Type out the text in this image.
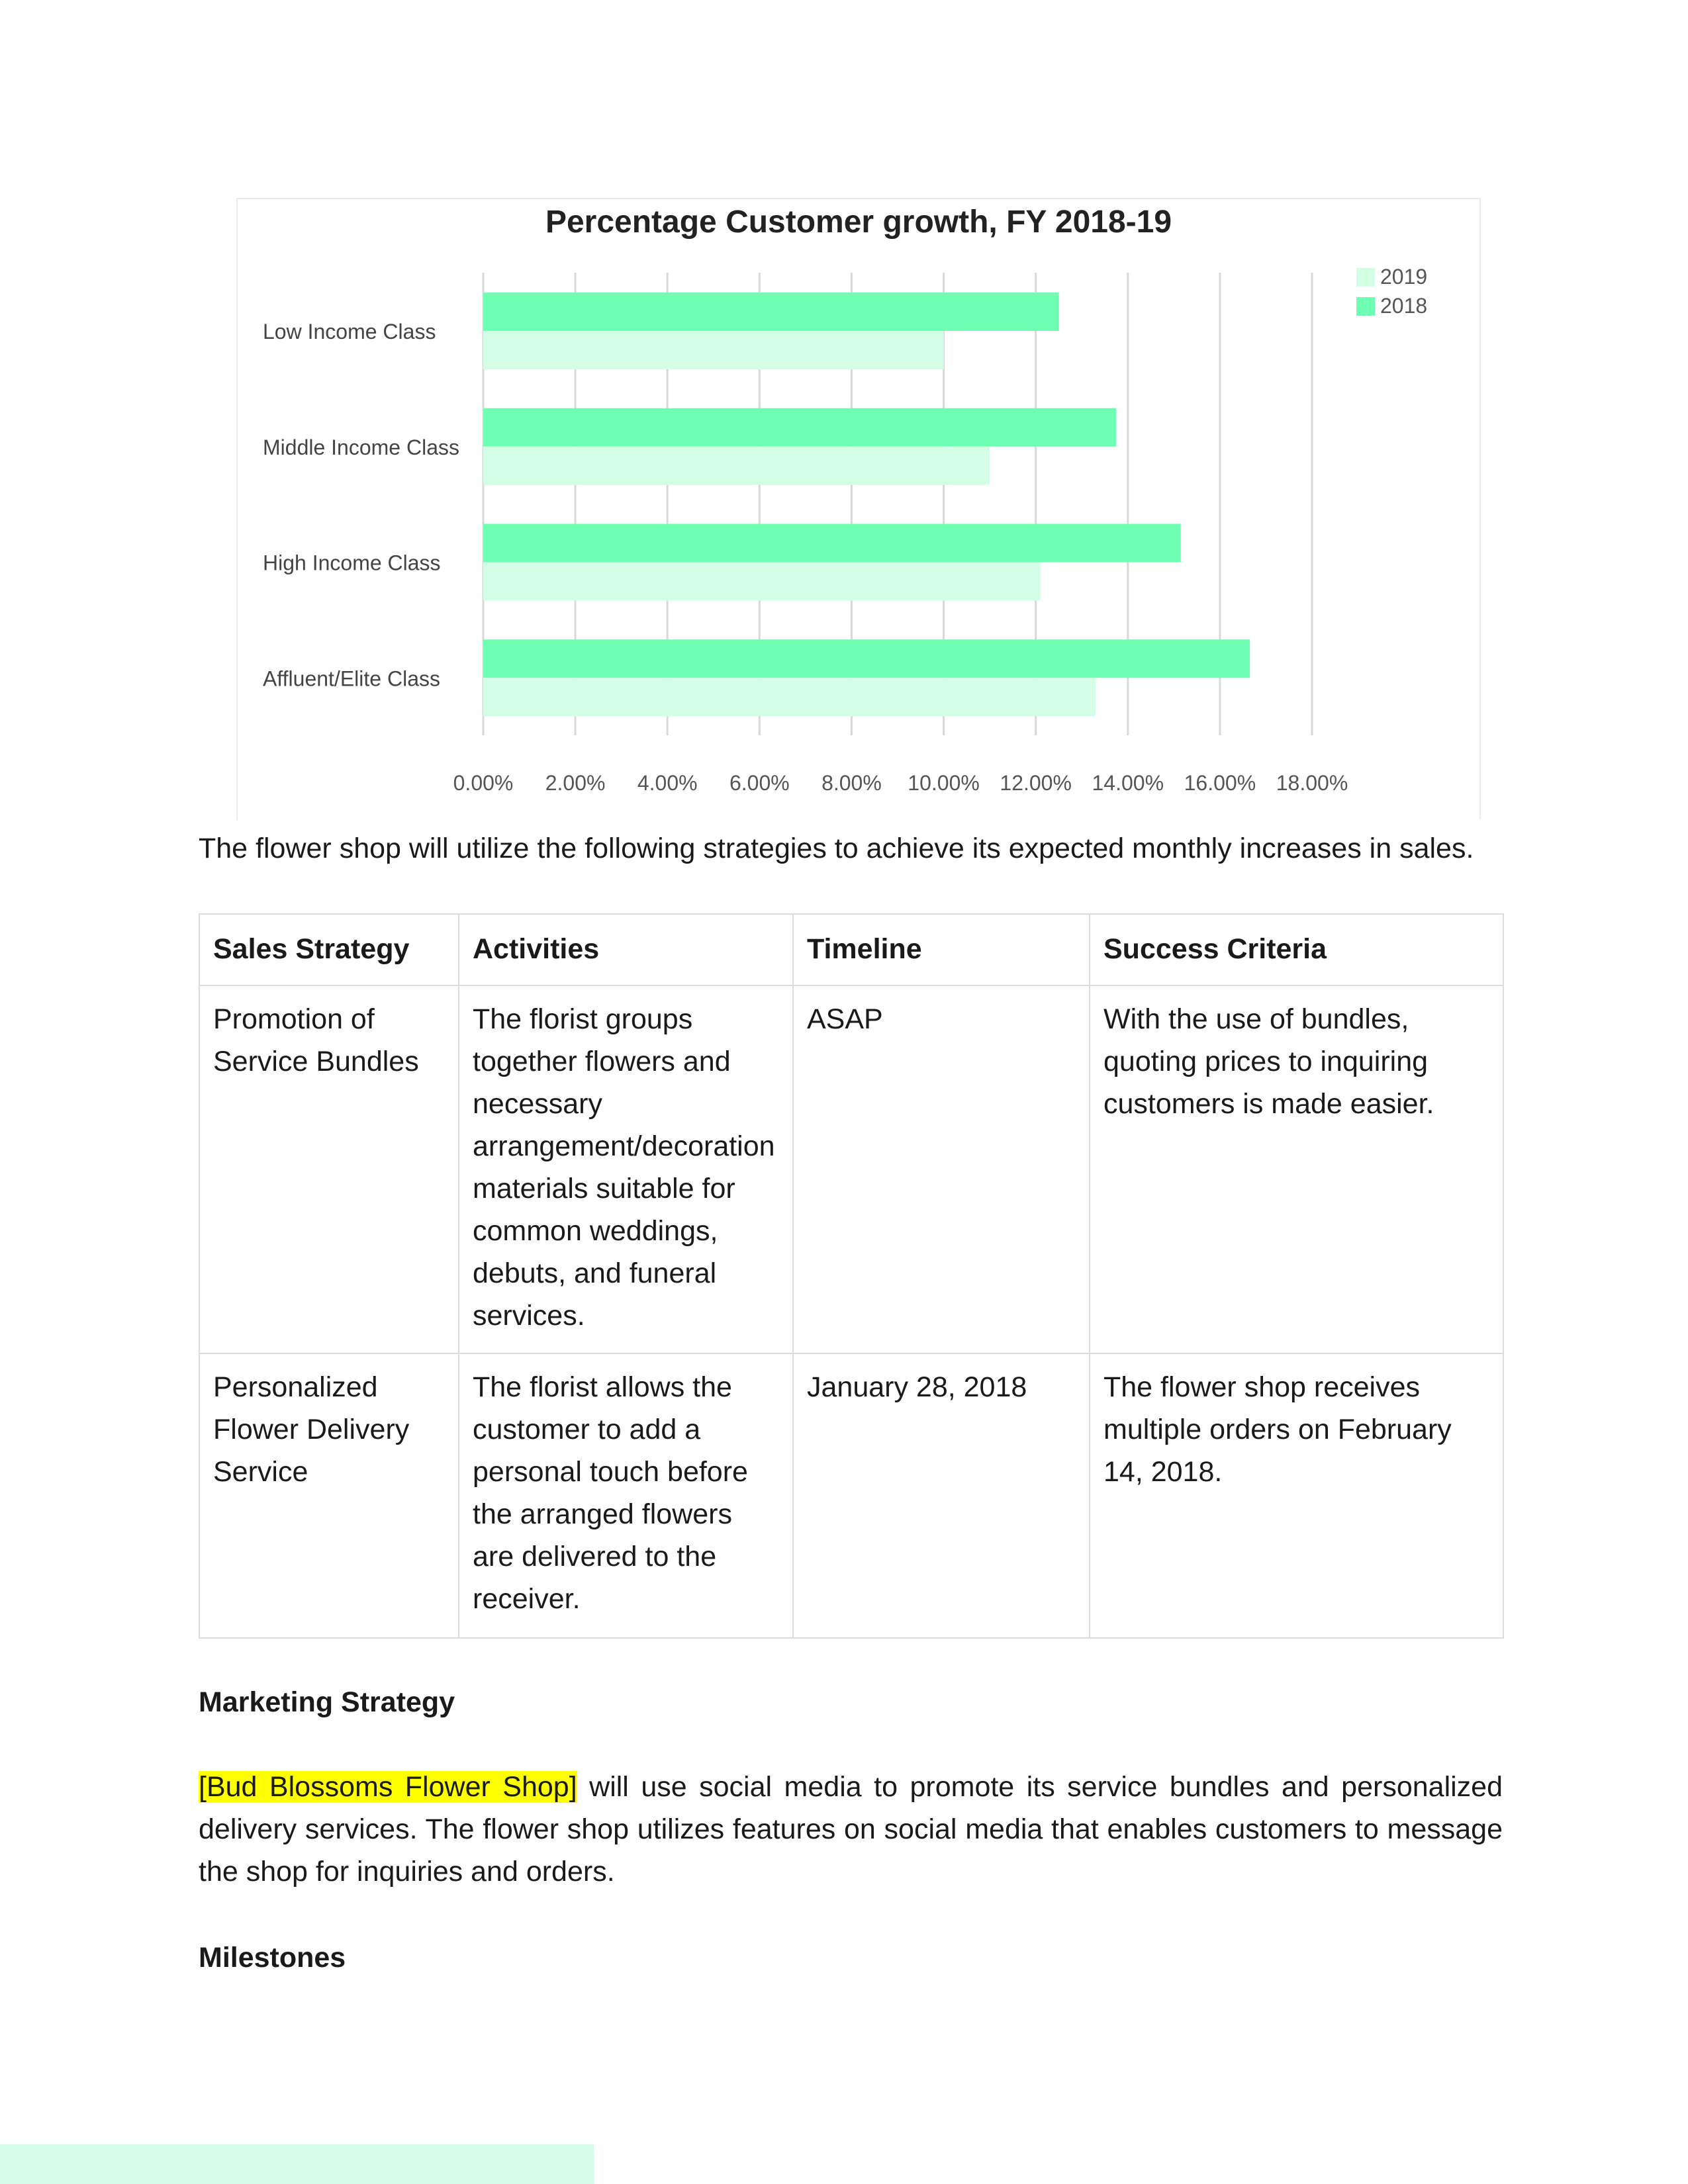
Percentage Customer growth, FY 2018-19
0.00% 2.00% 4.00% 6.00% 8.00% 10.00% 12.00% 14.00% 16.00% 18.00%
Low Income Class
Middle Income Class
High Income Class
Affluent/Elite Class
2019
2018
The flower shop will utilize the following strategies to achieve its expected monthly increases in sales.
Sales Strategy	Activities	Timeline	Success Criteria
Promotion of Service Bundles	The florist groups together flowers and necessary arrangement/decoration materials suitable for common weddings, debuts, and funeral services.	ASAP	With the use of bundles, quoting prices to inquiring customers is made easier.
Personalized Flower Delivery Service	The florist allows the customer to add a personal touch before the arranged flowers are delivered to the receiver.	January 28, 2018	The flower shop receives multiple orders on February 14, 2018.
Marketing Strategy
[Bud Blossoms Flower Shop] will use social media to promote its service bundles and personalized delivery services. The flower shop utilizes features on social media that enables customers to message the shop for inquiries and orders.
Milestones
